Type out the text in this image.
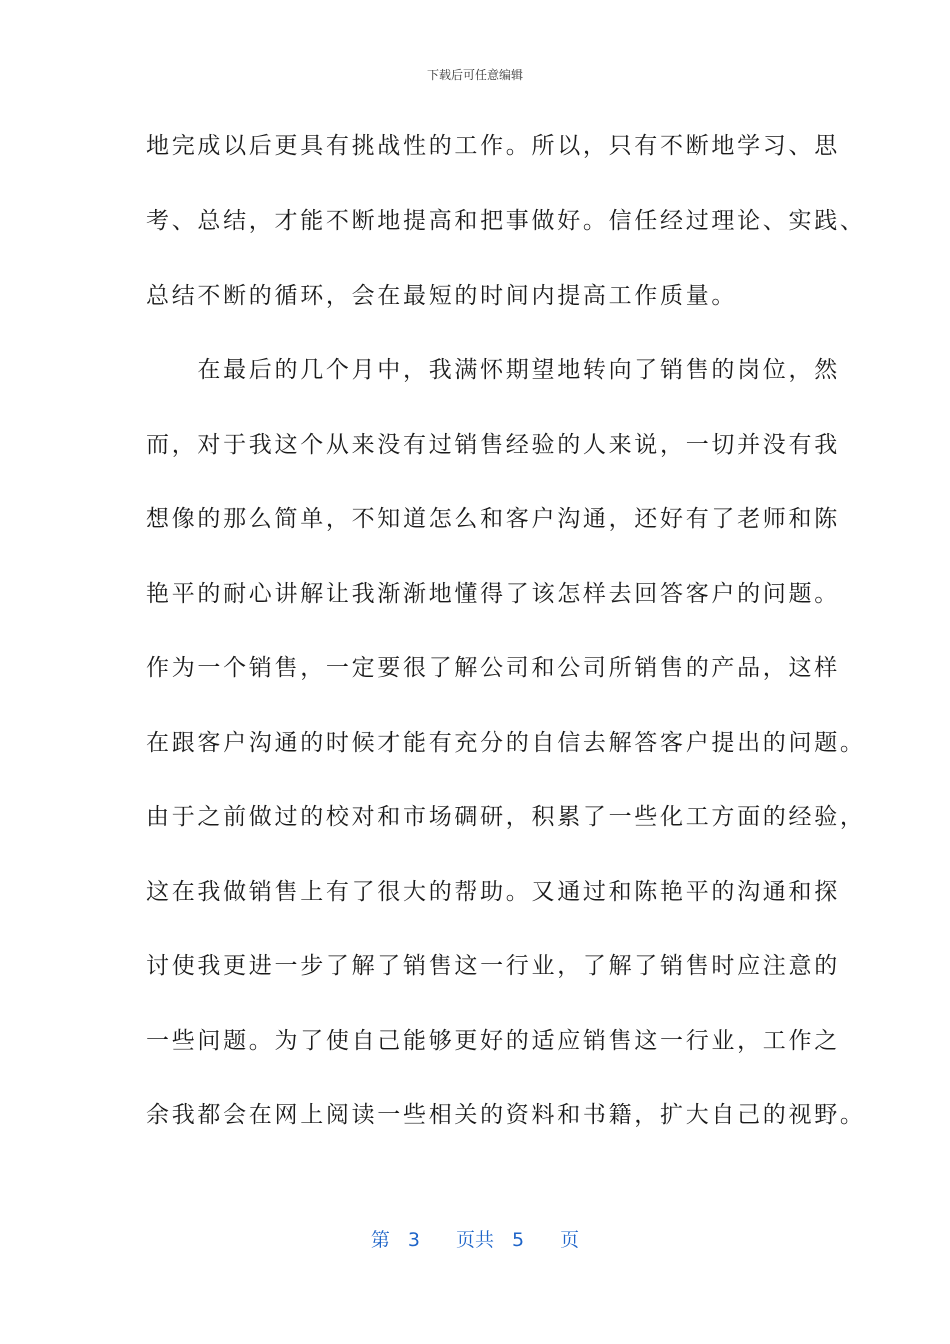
下载后可任意编辑
地完成以后更具有挑战性的工作。所以，只有不断地学习、思
考、总结，才能不断地提高和把事做好。信任经过理论、实践、
总结不断的循环，会在最短的时间内提高工作质量。
　　在最后的几个月中，我满怀期望地转向了销售的岗位，然
而，对于我这个从来没有过销售经验的人来说，一切并没有我
想像的那么简单，不知道怎么和客户沟通，还好有了老师和陈
艳平的耐心讲解让我渐渐地懂得了该怎样去回答客户的问题。
作为一个销售，一定要很了解公司和公司所销售的产品，这样
在跟客户沟通的时候才能有充分的自信去解答客户提出的问题。
由于之前做过的校对和市场碉研，积累了一些化工方面的经验，
这在我做销售上有了很大的帮助。又通过和陈艳平的沟通和探
讨使我更进一步了解了销售这一行业，了解了销售时应注意的
一些问题。为了使自己能够更好的适应销售这一行业，工作之
余我都会在网上阅读一些相关的资料和书籍，扩大自己的视野。
第 3 页共 5 页
